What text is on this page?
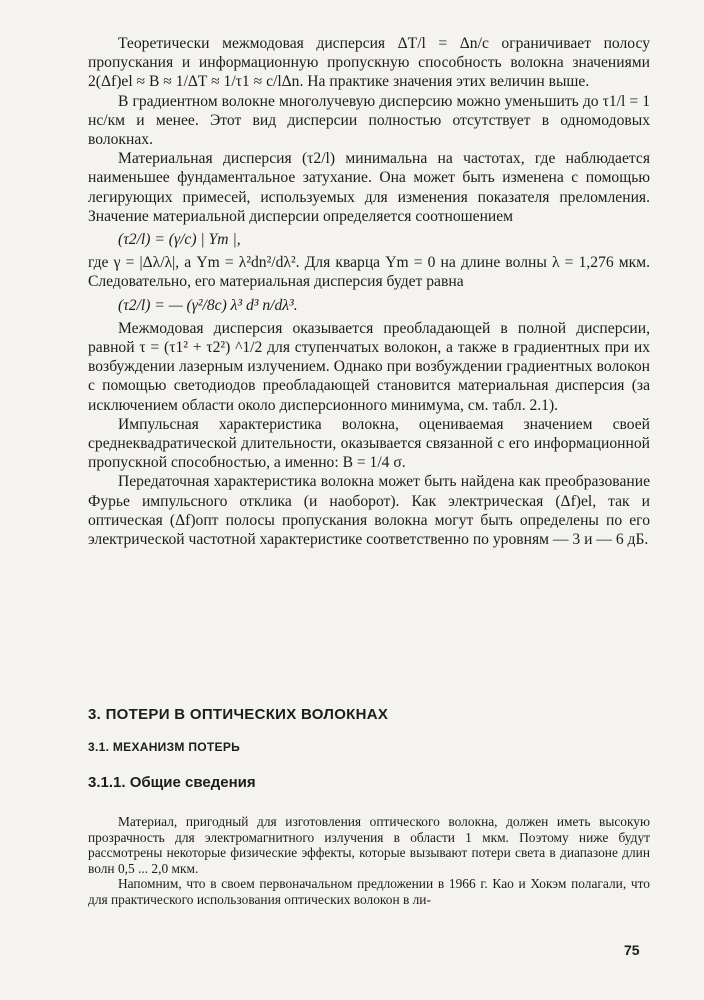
Теоретически межмодовая дисперсия ΔT/l = Δn/c ограничивает полосу пропускания и информационную пропускную способность волокна значениями 2(Δf)el ≈ B ≈ 1/ΔT ≈ 1/τ1 ≈ c/lΔn. На практике значения этих величин выше.

В градиентном волокне многолучевую дисперсию можно уменьшить до τ1/l = 1 нс/км и менее. Этот вид дисперсии полностью отсутствует в одномодовых волокнах.

Материальная дисперсия (τ2/l) минимальна на частотах, где наблюдается наименьшее фундаментальное затухание. Она может быть изменена с помощью легирующих примесей, используемых для изменения показателя преломления. Значение материальной дисперсии определяется соотношением

(τ2/l) = (γ/c) | Ym |,

где γ = |Δλ/λ|, а Ym = λ²dn²/dλ². Для кварца Ym = 0 на длине волны λ = 1,276 мкм. Следовательно, его материальная дисперсия будет равна

(τ2/l) = — (γ²/8c) λ³ d³ n/dλ³.

Межмодовая дисперсия оказывается преобладающей в полной дисперсии, равной τ = (τ1² + τ2²) ^1/2 для ступенчатых волокон, а также в градиентных при их возбуждении лазерным излучением. Однако при возбуждении градиентных волокон с помощью светодиодов преобладающей становится материальная дисперсия (за исключением области около дисперсионного минимума, см. табл. 2.1).

Импульсная характеристика волокна, оцениваемая значением своей среднеквадратической длительности, оказывается связанной с его информационной пропускной способностью, а именно: B = 1/4 σ.

Передаточная характеристика волокна может быть найдена как преобразование Фурье импульсного отклика (и наоборот). Как электрическая (Δf)el, так и оптическая (Δf)опт полосы пропускания волокна могут быть определены по его электрической частотной характеристике соответственно по уровням — 3 и — 6 дБ.

3. ПОТЕРИ В ОПТИЧЕСКИХ ВОЛОКНАХ
3.1. МЕХАНИЗМ ПОТЕРЬ
3.1.1. Общие сведения

Материал, пригодный для изготовления оптического волокна, должен иметь высокую прозрачность для электромагнитного излучения в области 1 мкм. Поэтому ниже будут рассмотрены некоторые физические эффекты, которые вызывают потери света в диапазоне длин волн 0,5 ... 2,0 мкм.

Напомним, что в своем первоначальном предложении в 1966 г. Као и Хокэм полагали, что для практического использования оптических волокон в ли-

75
